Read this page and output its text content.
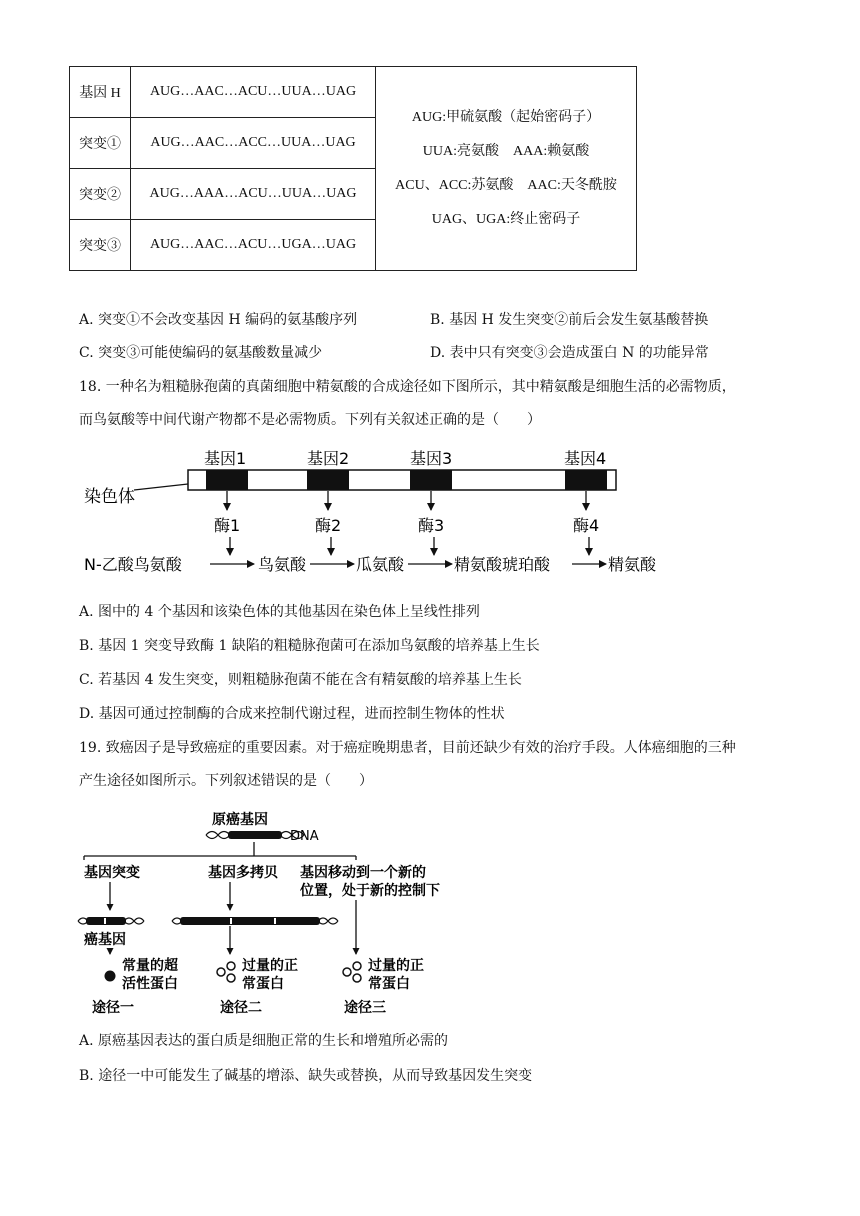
基因 H	AUG…AAC…ACU…UUA…UAG	AUG:甲硫氨酸（起始密码子）
UUA:亮氨酸　AAA:赖氨酸
ACU、ACC:苏氨酸　AAC:天冬酰胺
UAG、UGA:终止密码子

突变①	AUG…AAC…ACC…UUA…UAG	
突变②	AUG…AAA…ACU…UUA…UAG	
突变③	AUG…AAC…ACU…UGA…UAG	
A. 突变①不会改变基因 H 编码的氨基酸序列	B. 基因 H 发生突变②前后会发生氨基酸替换
C. 突变③可能使编码的氨基酸数量减少	D. 表中只有突变③会造成蛋白 N 的功能异常
18. 一种名为粗糙脉孢菌的真菌细胞中精氨酸的合成途径如下图所示，其中精氨酸是细胞生活的必需物质，
而鸟氨酸等中间代谢产物都不是必需物质。下列有关叙述正确的是（　　）
染色体
基因1	基因2	基因3	基因4
酶1	酶2	酶3	酶4
N-乙酸鸟氨酸	鸟氨酸	瓜氨酸	精氨酸琥珀酸	精氨酸
A. 图中的 4 个基因和该染色体的其他基因在染色体上呈线性排列
B. 基因 1 突变导致酶 1 缺陷的粗糙脉孢菌可在添加鸟氨酸的培养基上生长
C. 若基因 4 发生突变，则粗糙脉孢菌不能在含有精氨酸的培养基上生长
D. 基因可通过控制酶的合成来控制代谢过程，进而控制生物体的性状
19. 致癌因子是导致癌症的重要因素。对于癌症晚期患者，目前还缺少有效的治疗手段。人体癌细胞的三种
产生途径如图所示。下列叙述错误的是（　　）
原癌基因
DNA
基因突变	基因多拷贝 基因移动到一个新的
位置，处于新的控制下
癌基因
常量的超
活性蛋白
过量的正
常蛋白
过量的正
常蛋白
途径一	途径二	途径三
A. 原癌基因表达的蛋白质是细胞正常的生长和增殖所必需的
B. 途径一中可能发生了碱基的增添、缺失或替换，从而导致基因发生突变
